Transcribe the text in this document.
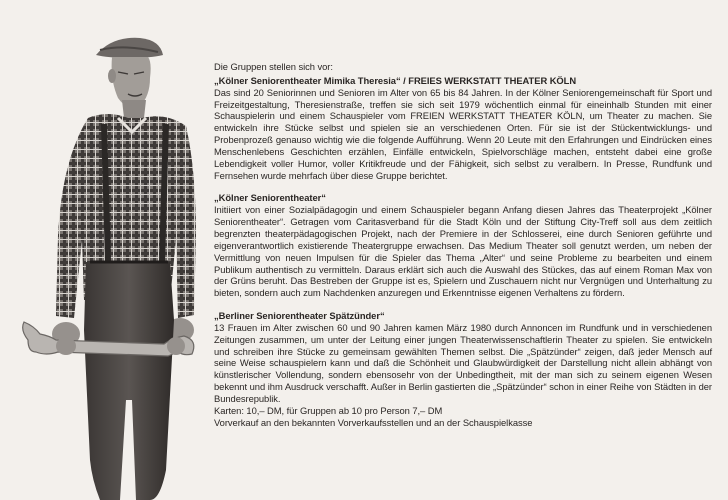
Die Gruppen stellen sich vor:

„Kölner Seniorentheater Mimika Theresia“ / FREIES WERKSTATT THEATER KÖLN

Das sind 20 Seniorinnen und Senioren im Alter von 65 bis 84 Jahren. In der Kölner Seniorengemeinschaft für Sport und Freizeitgestaltung, Theresienstraße, treffen sie sich seit 1979 wöchentlich einmal für eineinhalb Stunden mit einer Schauspielerin und einem Schauspieler vom FREIEN WERKSTATT THEATER KÖLN, um Theater zu machen. Sie entwickeln ihre Stücke selbst und spielen sie an verschiedenen Orten. Für sie ist der Stückentwicklungs- und Probenprozeß genauso wichtig wie die folgende Aufführung. Wenn 20 Leute mit den Erfahrungen und Eindrücken eines Menschenlebens Geschichten erzählen, Einfälle entwickeln, Spielvorschläge machen, entsteht dabei eine große Lebendigkeit voller Humor, voller Kritikfreude und der Fähigkeit, sich selbst zu veralbern. In Presse, Rundfunk und Fernsehen wurde mehrfach über diese Gruppe berichtet.

„Kölner Seniorentheater“

Initiiert von einer Sozialpädagogin und einem Schauspieler begann Anfang diesen Jahres das Theaterprojekt „Kölner Seniorentheater“. Getragen vom Caritasverband für die Stadt Köln und der Stiftung City-Treff soll aus dem zeitlich begrenzten theaterpädagogischen Projekt, nach der Premiere in der Schlosserei, eine durch Senioren geführte und eigenverantwortlich existierende Theatergruppe erwachsen. Das Medium Theater soll genutzt werden, um neben der Vermittlung von neuen Impulsen für die Spieler das Thema „Alter“ und seine Probleme zu bearbeiten und einem Publikum authentisch zu vermitteln. Daraus erklärt sich auch die Auswahl des Stückes, das auf einem Roman Max von der Grüns beruht. Das Bestreben der Gruppe ist es, Spielern und Zuschauern nicht nur Vergnügen und Unterhaltung zu bieten, sondern auch zum Nachdenken anzuregen und Erkenntnisse eigenen Verhaltens zu fördern.

„Berliner Seniorentheater Spätzünder“

13 Frauen im Alter zwischen 60 und 90 Jahren kamen März 1980 durch Annoncen im Rundfunk und in verschiedenen Zeitungen zusammen, um unter der Leitung einer jungen Theaterwissenschaftlerin Theater zu spielen. Sie entwickeln und schreiben ihre Stücke zu gemeinsam gewählten Themen selbst. Die „Spätzünder“ zeigen, daß jeder Mensch auf seine Weise schauspielern kann und daß die Schönheit und Glaubwürdigkeit der Darstellung nicht allein abhängt von künstlerischer Vollendung, sondern ebensosehr von der Unbedingtheit, mit der man sich zu seinem eigenen Wesen bekennt und ihm Ausdruck verschafft. Außer in Berlin gastierten die „Spätzünder“ schon in einer Reihe von Städten in der Bundesrepublik.

Karten: 10,– DM, für Gruppen ab 10 pro Person 7,– DM

Vorverkauf an den bekannten Vorverkaufsstellen und an der Schauspielkasse
